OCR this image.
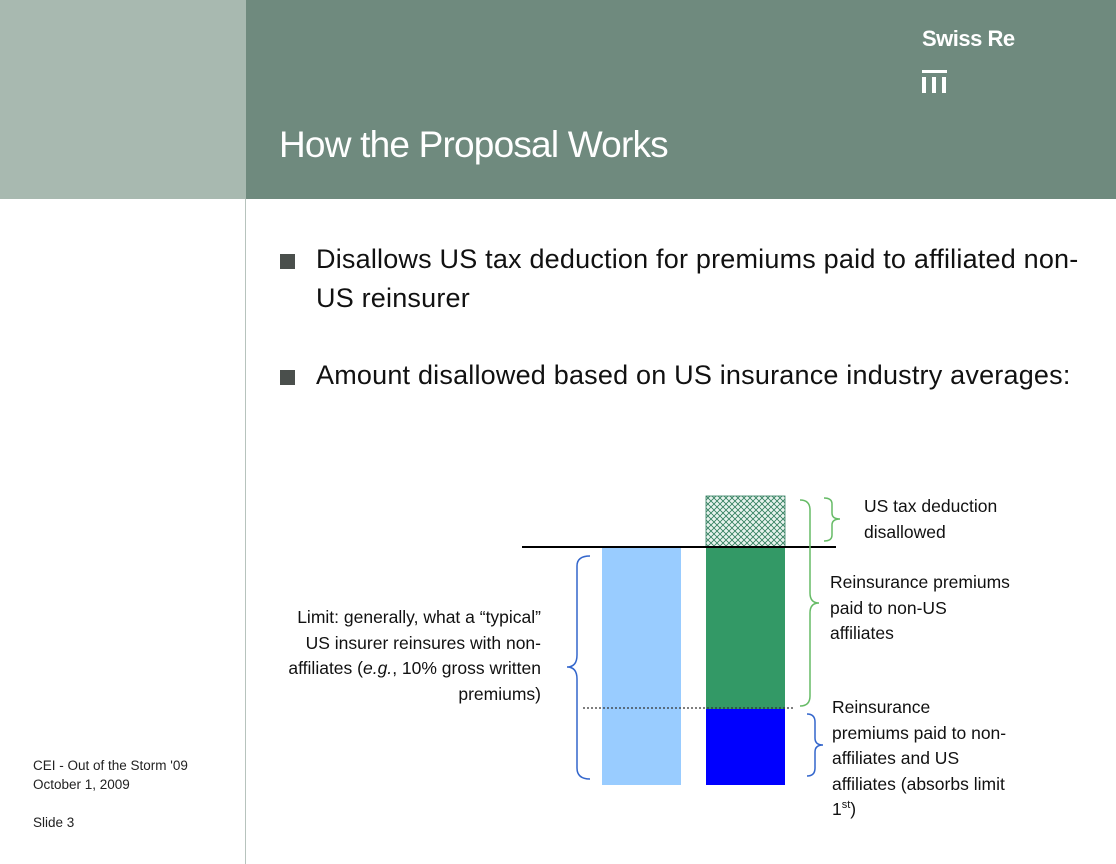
Swiss Re
How the Proposal Works
Disallows US tax deduction for premiums paid to affiliated non-US reinsurer
Amount disallowed based on US insurance industry averages:
US tax deduction disallowed
Reinsurance premiums paid to non-US affiliates
Reinsurance premiums paid to non-affiliates and US affiliates (absorbs limit 1st)
Limit: generally, what a “typical” US insurer reinsures with non-affiliates (e.g., 10% gross written premiums)
CEI - Out of the Storm '09
October 1, 2009
Slide 3
